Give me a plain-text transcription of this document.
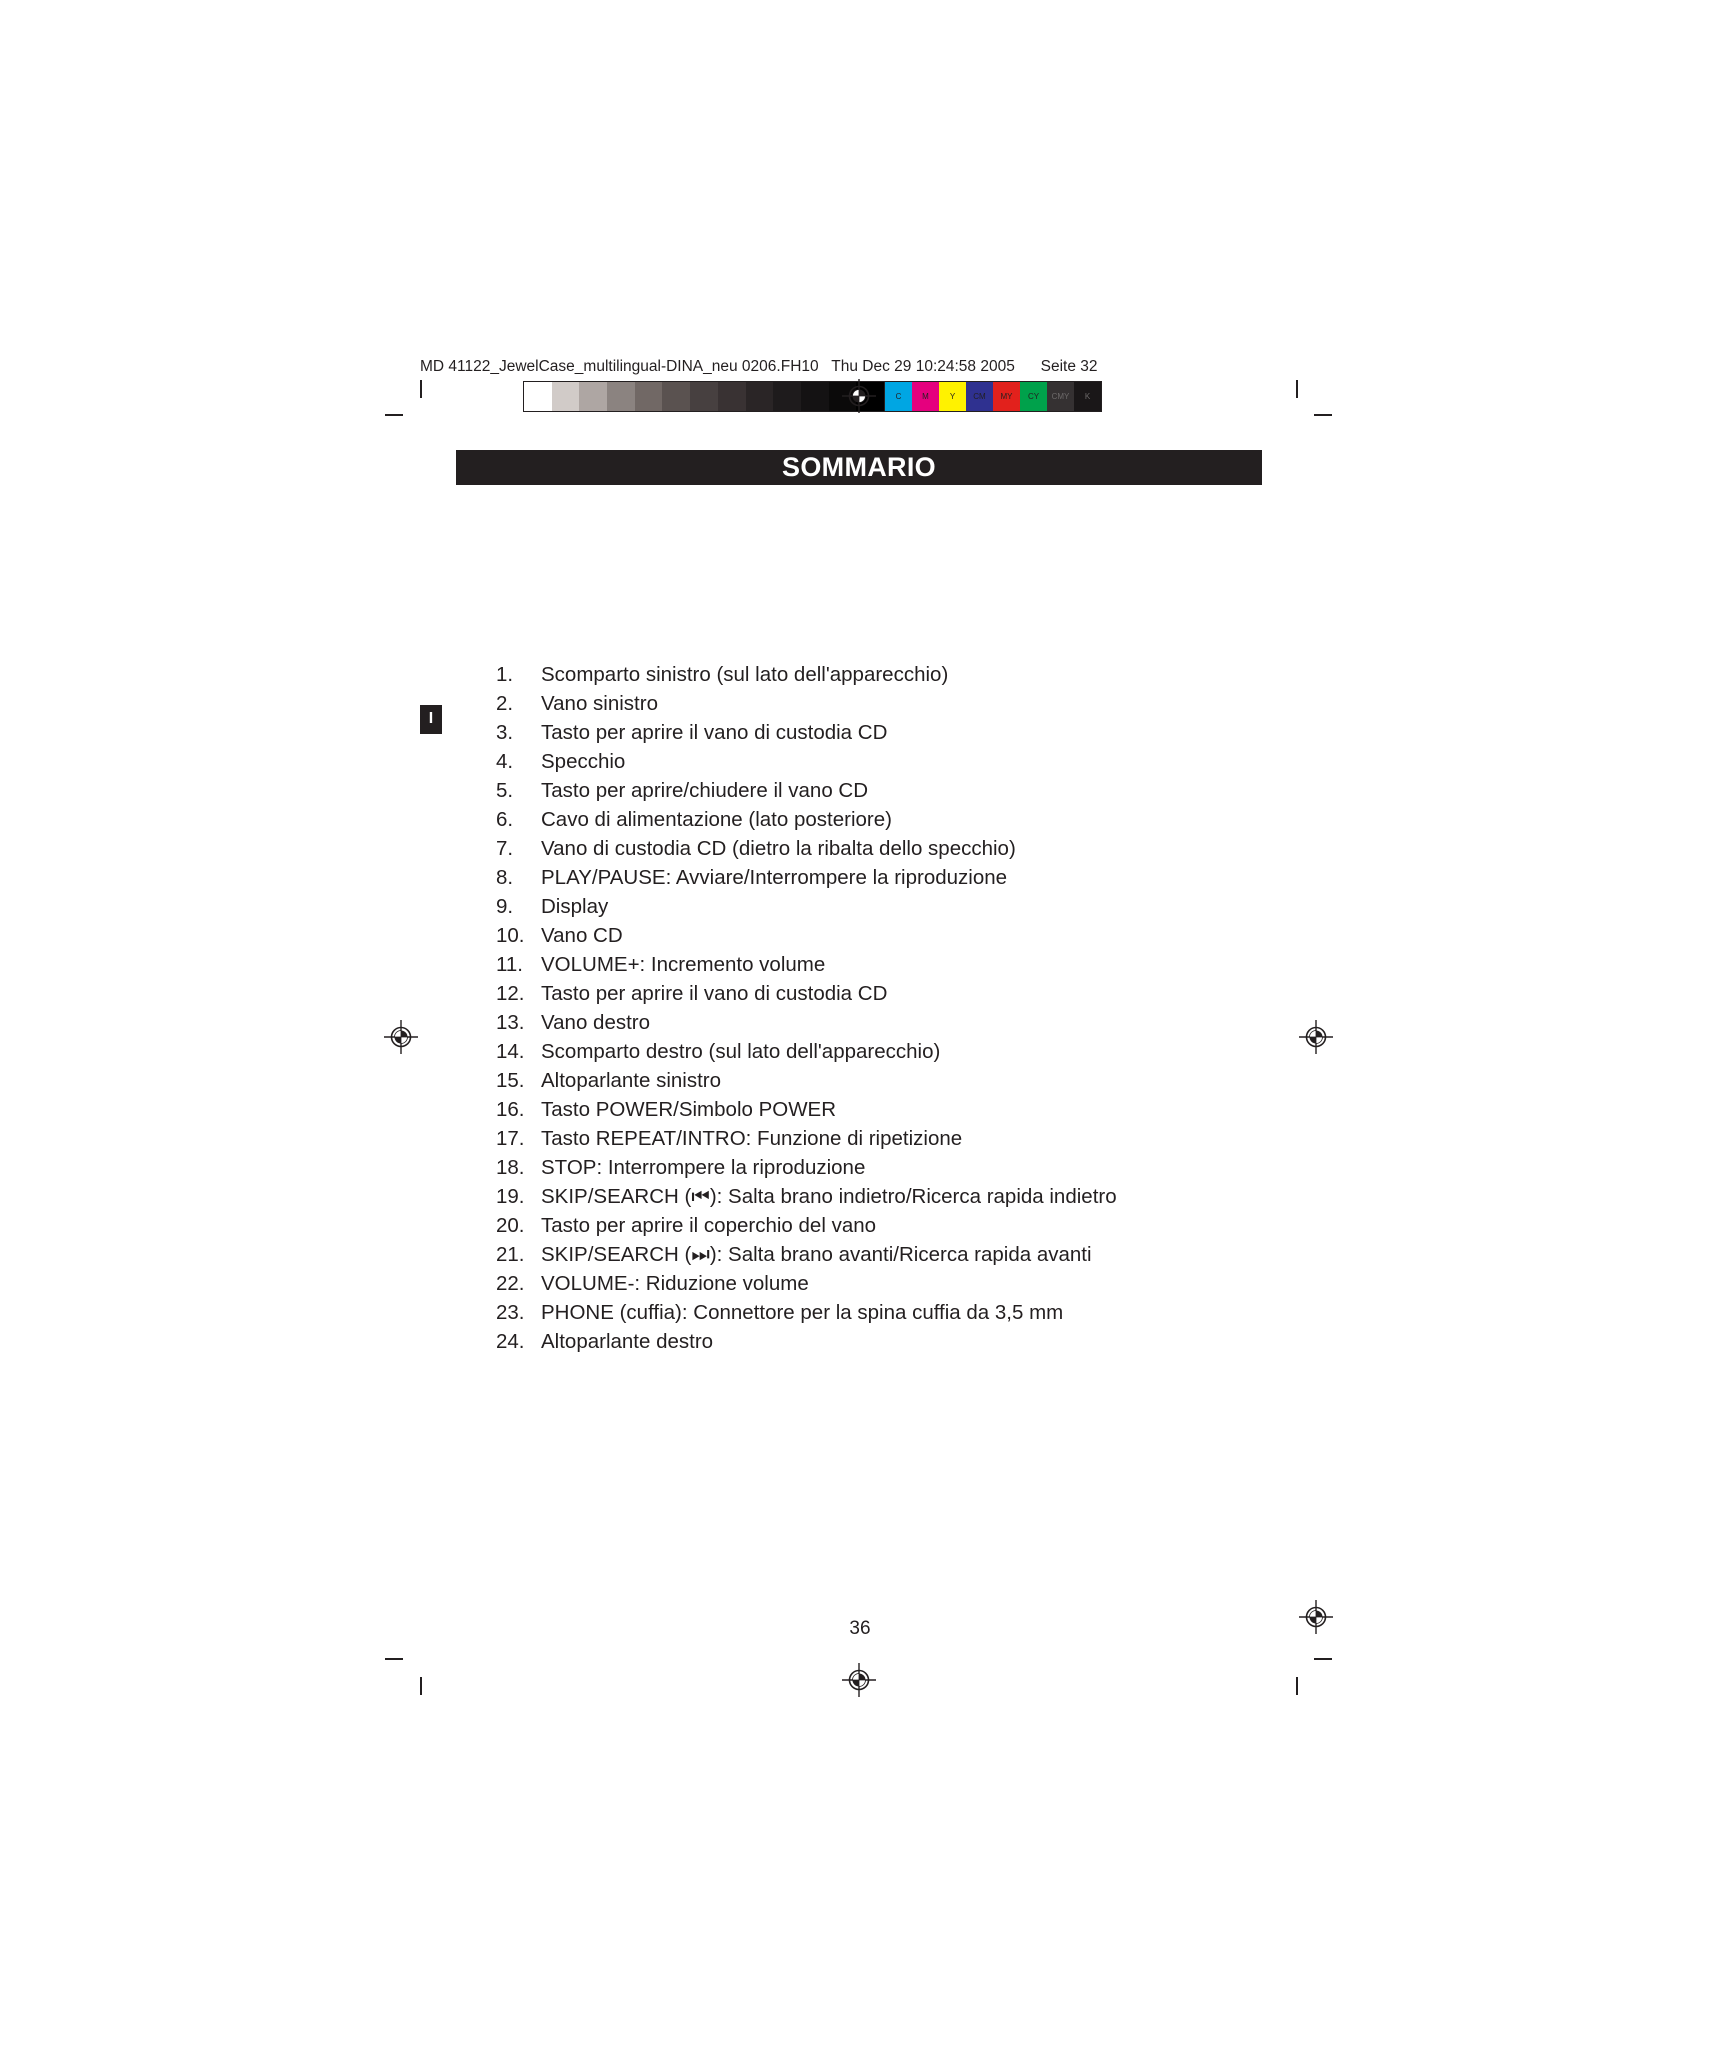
MD 41122_JewelCase_multilingual-DINA_neu 0206.FH10   Thu Dec 29 10:24:58 2005      Seite 32
C	M	Y	CM	MY	CY	CMY	K
SOMMARIO
I
1.	Scomparto sinistro (sul lato dell'apparecchio)
2.	Vano sinistro
3.	Tasto per aprire il vano di custodia CD
4.	Specchio
5.	Tasto per aprire/chiudere il vano CD
6.	Cavo di alimentazione (lato posteriore)
7.	Vano di custodia CD (dietro la ribalta dello specchio)
8.	PLAY/PAUSE: Avviare/Interrompere la riproduzione
9.	Display
10. Vano CD
11. VOLUME+: Incremento volume
12. Tasto per aprire il vano di custodia CD
13. Vano destro
14. Scomparto destro (sul lato dell'apparecchio)
15. Altoparlante sinistro
16. Tasto POWER/Simbolo POWER
17. Tasto REPEAT/INTRO: Funzione di ripetizione
18. STOP: Interrompere la riproduzione
19. SKIP/SEARCH (⏮): Salta brano indietro/Ricerca rapida indietro
20. Tasto per aprire il coperchio del vano
21. SKIP/SEARCH (⏭): Salta brano avanti/Ricerca rapida avanti
22. VOLUME-: Riduzione volume
23. PHONE (cuffia): Connettore per la spina cuffia da 3,5 mm
24. Altoparlante destro
36
